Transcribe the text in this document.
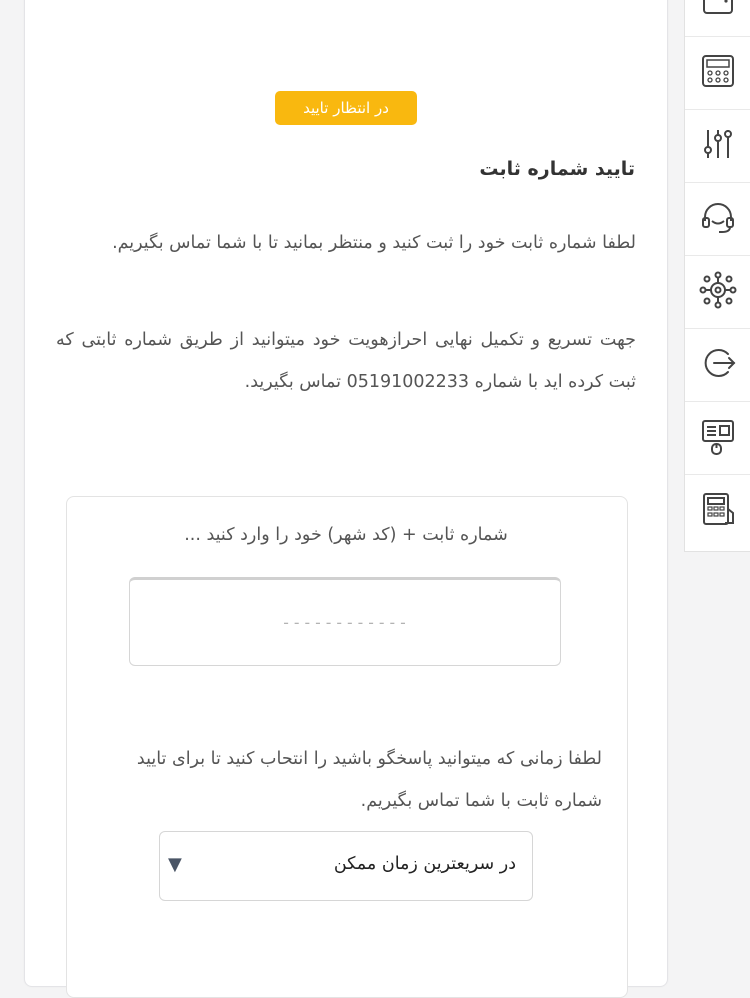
در انتظار تایید
تایید شماره ثابت
لطفا شماره ثابت خود را ثبت کنید و منتظر بمانید تا با شما تماس بگیریم.
جهت تسریع و تکمیل نهایی احرازهویت خود میتوانید از طریق شماره ثابتی که ثبت کرده اید با شماره 05191002233 تماس بگیرید.
شماره ثابت + (کد شهر) خود را وارد کنید ...
------------
لطفا زمانی که میتوانید پاسخگو باشید را انتحاب کنید تا برای تایید شماره ثابت با شما تماس بگیریم.
در سریعترین زمان ممکن
▼
